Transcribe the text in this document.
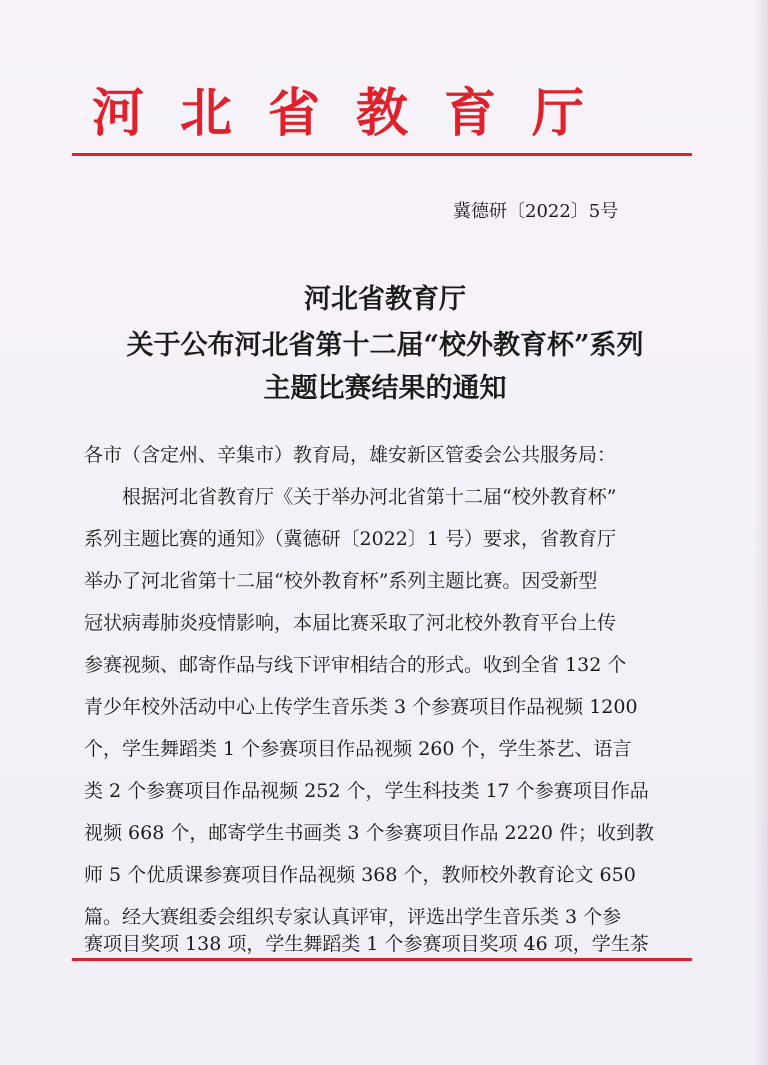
河北省教育厅
冀德研〔2022〕5号
河北省教育厅
关于公布河北省第十二届“校外教育杯”系列
主题比赛结果的通知
各市（含定州、辛集市）教育局，雄安新区管委会公共服务局：
根据河北省教育厅《关于举办河北省第十二届“校外教育杯”
系列主题比赛的通知》（冀德研〔2022〕1 号）要求，省教育厅
举办了河北省第十二届“校外教育杯”系列主题比赛。因受新型
冠状病毒肺炎疫情影响，本届比赛采取了河北校外教育平台上传
参赛视频、邮寄作品与线下评审相结合的形式。收到全省 132 个
青少年校外活动中心上传学生音乐类 3 个参赛项目作品视频 1200
个，学生舞蹈类 1 个参赛项目作品视频 260 个，学生茶艺、语言
类 2 个参赛项目作品视频 252 个，学生科技类 17 个参赛项目作品
视频 668 个，邮寄学生书画类 3 个参赛项目作品 2220 件；收到教
师 5 个优质课参赛项目作品视频 368 个，教师校外教育论文 650
篇。经大赛组委会组织专家认真评审，评选出学生音乐类 3 个参
赛项目奖项 138 项，学生舞蹈类 1 个参赛项目奖项 46 项，学生茶
